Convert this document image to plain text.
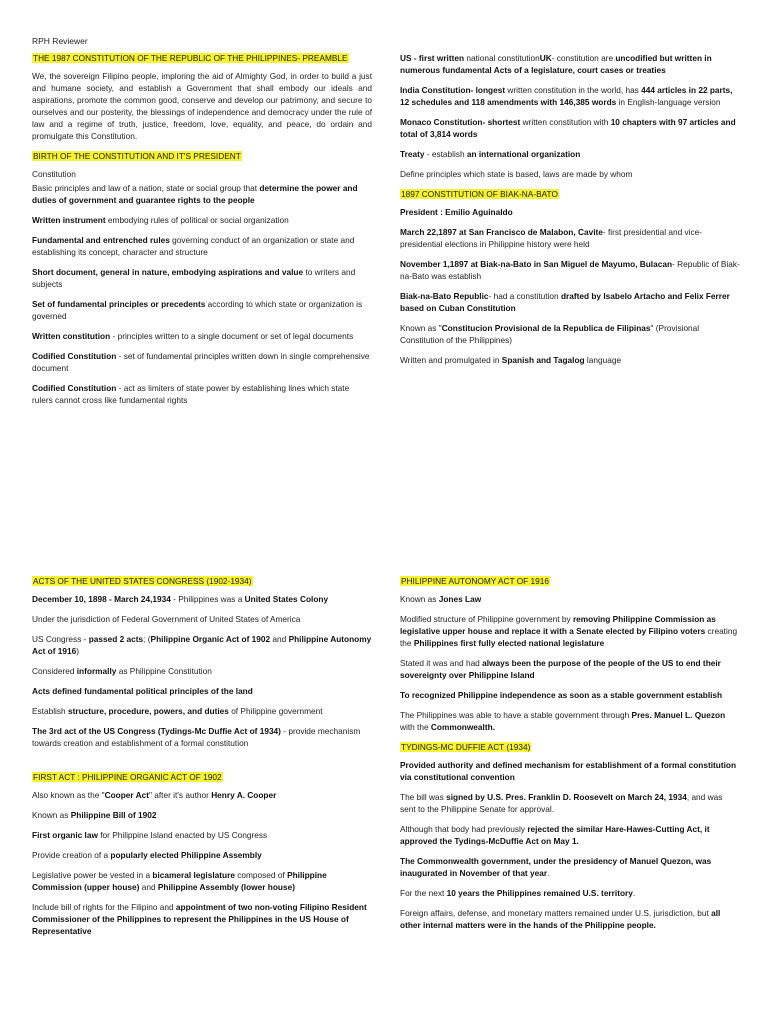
RPH Reviewer
THE 1987 CONSTITUTION OF THE REPUBLIC OF THE PHILIPPINES- PREAMBLE
We, the sovereign Filipino people, imploring the aid of Almighty God, in order to build a just and humane society, and establish a Government that shall embody our ideals and aspirations, promote the common good, conserve and develop our patrimony, and secure to ourselves and our posterity, the blessings of independence and democracy under the rule of law and a regime of truth, justice, freedom, love, equality, and peace, do ordain and promulgate this Constitution.
BIRTH OF THE CONSTITUTION AND IT'S PRESIDENT
Constitution
Basic principles and law of a nation, state or social group that determine the power and duties of government and guarantee rights to the people
Written instrument embodying rules of political or social organization
Fundamental and entrenched rules governing conduct of an organization or state and establishing its concept, character and structure
Short document, general in nature, embodying aspirations and value to writers and subjects
Set of fundamental principles or precedents according to which state or organization is governed
Written constitution - principles written to a single document or set of legal documents
Codified Constitution - set of fundamental principles written down in single comprehensive document
Codified Constitution - act as limiters of state power by establishing lines which state rulers cannot cross like fundamental rights
US - first written national constitutionUK- constitution are uncodified but written in numerous fundamental Acts of a legislature, court cases or treaties
India Constitution- longest written constitution in the world, has 444 articles in 22 parts, 12 schedules and 118 amendments with 146,385 words in English-language version
Monaco Constitution- shortest written constitution with 10 chapters with 97 articles and total of 3,814 words
Treaty - establish an international organization
Define principles which state is based, laws are made by whom
1897 CONSTITUTION OF BIAK-NA-BATO
President : Emilio Aguinaldo
March 22,1897 at San Francisco de Malabon, Cavite- first presidential and vice-presidential elections in Philippine history were held
November 1,1897 at Biak-na-Bato in San Miguel de Mayumo, Bulacan- Republic of Biak-na-Bato was establish
Biak-na-Bato Republic- had a constitution drafted by Isabelo Artacho and Felix Ferrer based on Cuban Constitution
Known as "Constitucion Provisional de la Republica de Filipinas" (Provisional Constitution of the Philippines)
Written and promulgated in Spanish and Tagalog language
ACTS OF THE UNITED STATES CONGRESS (1902-1934)
December 10, 1898 - March 24,1934 - Philippines was a United States Colony
Under the jurisdiction of Federal Government of United States of America
US Congress - passed 2 acts; (Philippine Organic Act of 1902 and Philippine Autonomy Act of 1916)
Considered informally as Philippine Constitution
Acts defined fundamental political principles of the land
Establish structure, procedure, powers, and duties of Philippine government
The 3rd act of the US Congress (Tydings-Mc Duffie Act of 1934) - provide mechanism towards creation and establishment of a formal constitution
FIRST ACT : PHILIPPINE ORGANIC ACT OF 1902
Also known as the "Cooper Act" after it's author Henry A. Cooper
Known as Philippine Bill of 1902
First organic law for Philippine Island enacted by US Congress
Provide creation of a popularly elected Philippine Assembly
Legislative power be vested in a bicameral legislature composed of Philippine Commission (upper house) and Philippine Assembly (lower house)
Include bill of rights for the Filipino and appointment of two non-voting Filipino Resident Commissioner of the Philippines to represent the Philippines in the US House of Representative
PHILIPPINE AUTONOMY ACT OF 1916
Known as Jones Law
Modified structure of Philippine government by removing Philippine Commission as legislative upper house and replace it with a Senate elected by Filipino voters creating the Philippines first fully elected national legislature
Stated it was and had always been the purpose of the people of the US to end their sovereignty over Philippine Island
To recognized Philippine independence as soon as a stable government establish
The Philippines was able to have a stable government through Pres. Manuel L. Quezon with the Commonwealth.
TYDINGS-MC DUFFIE ACT (1934)
Provided authority and defined mechanism for establishment of a formal constitution via constitutional convention
The bill was signed by U.S. Pres. Franklin D. Roosevelt on March 24, 1934, and was sent to the Philippine Senate for approval.
Although that body had previously rejected the similar Hare-Hawes-Cutting Act, it approved the Tydings-McDuffie Act on May 1.
The Commonwealth government, under the presidency of Manuel Quezon, was inaugurated in November of that year.
For the next 10 years the Philippines remained U.S. territory.
Foreign affairs, defense, and monetary matters remained under U.S. jurisdiction, but all other internal matters were in the hands of the Philippine people.
